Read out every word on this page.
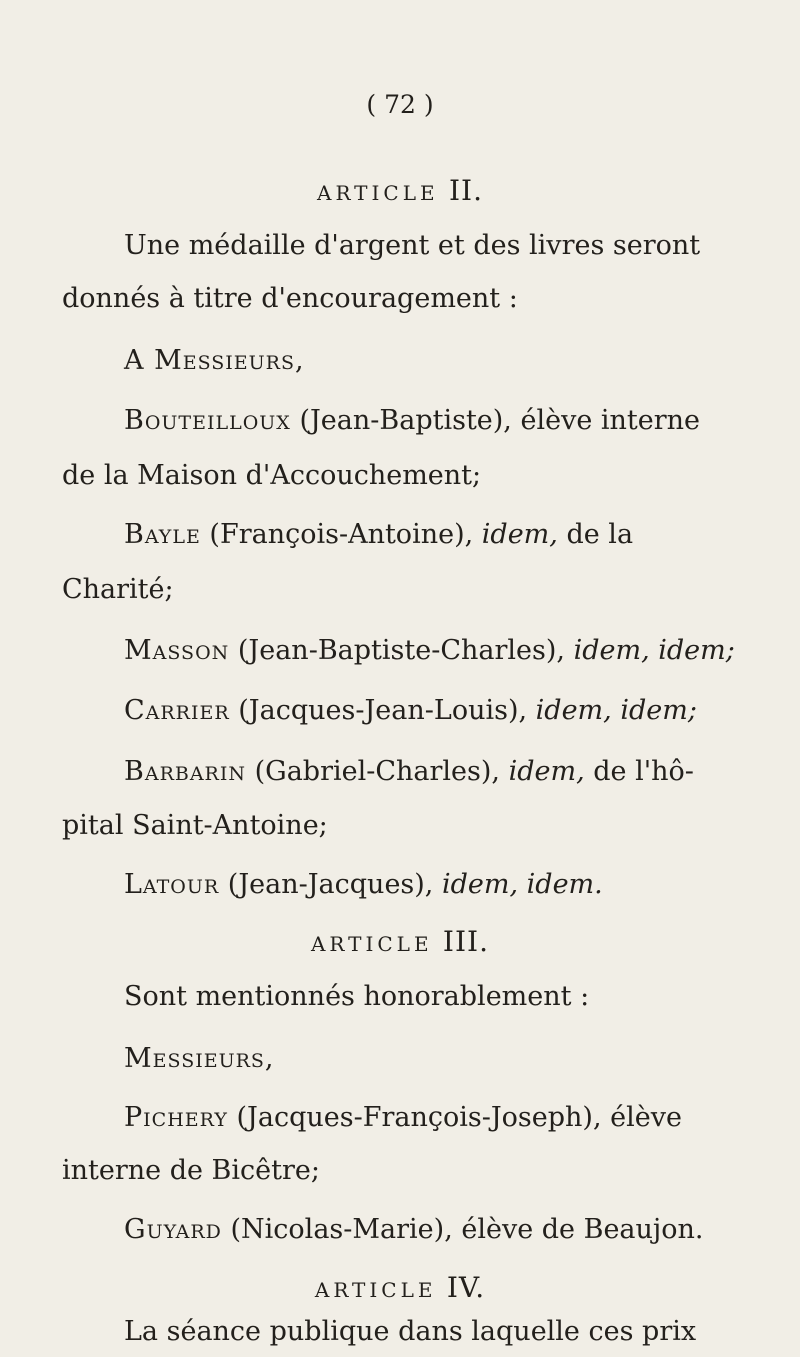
( 72 )
ARTICLE II.
Une médaille d'argent et des livres seront
donnés à titre d'encouragement :
A Messieurs,
Bouteilloux (Jean-Baptiste), élève interne
de la Maison d'Accouchement;
Bayle (François-Antoine), idem, de la
Charité;
Masson (Jean-Baptiste-Charles), idem, idem;
Carrier (Jacques-Jean-Louis), idem, idem;
Barbarin (Gabriel-Charles), idem, de l'hô-
pital Saint-Antoine;
Latour (Jean-Jacques), idem, idem.
ARTICLE III.
Sont mentionnés honorablement :
Messieurs,
Pichery (Jacques-François-Joseph), élève
interne de Bicêtre;
Guyard (Nicolas-Marie), élève de Beaujon.
ARTICLE IV.
La séance publique dans laquelle ces prix
